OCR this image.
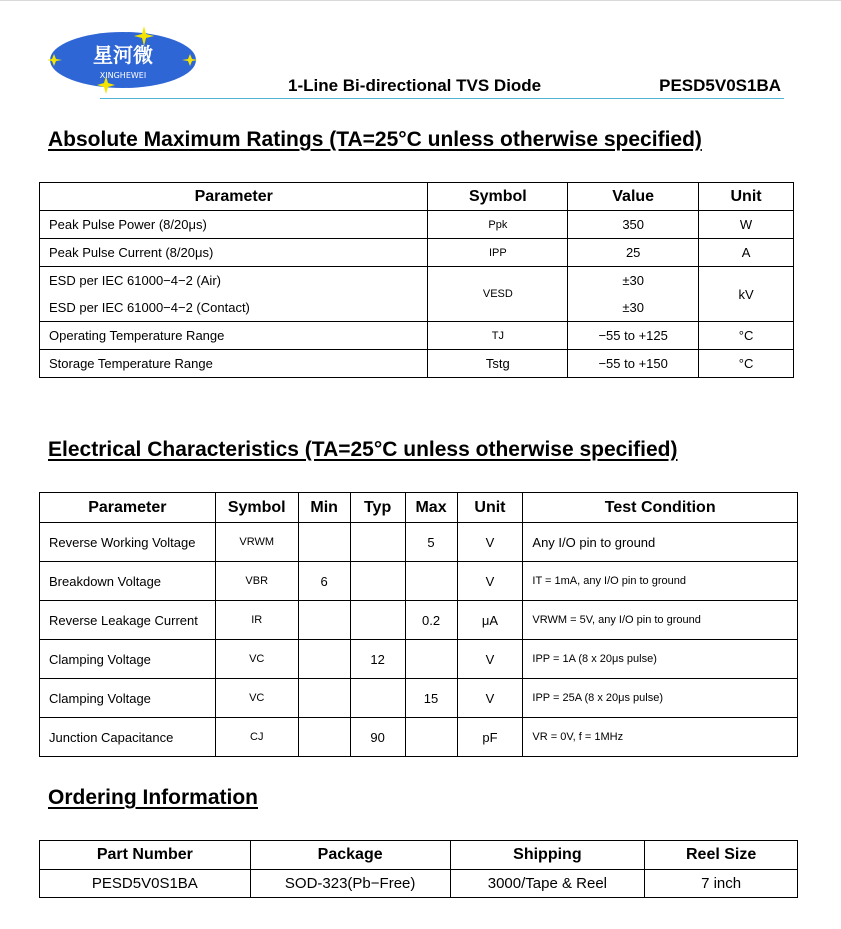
星河微
XINGHEWEI
1-Line Bi-directional TVS Diode	PESD5V0S1BA
Absolute Maximum Ratings (TA=25°C unless otherwise specified)
Parameter	Symbol	Value	Unit
Peak Pulse Power (8/20μs)	Ppk	350	W
Peak Pulse Current (8/20μs)	IPP	25	A
ESD per IEC 61000−4−2 (Air)	VESD	±30	kV
ESD per IEC 61000−4−2 (Contact)		±30	
Operating Temperature Range	TJ	−55 to +125	°C
Storage Temperature Range	Tstg	−55 to +150	°C
Electrical Characteristics (TA=25°C unless otherwise specified)
Parameter	Symbol	Min	Typ	Max	Unit	Test Condition
Reverse Working Voltage	VRWM			5	V	Any I/O pin to ground
Breakdown Voltage	VBR	6			V	IT = 1mA, any I/O pin to ground
Reverse Leakage Current	IR			0.2	μA	VRWM = 5V, any I/O pin to ground
Clamping Voltage	VC		12		V	IPP = 1A (8 x 20μs pulse)
Clamping Voltage	VC			15	V	IPP = 25A (8 x 20μs pulse)
Junction Capacitance	CJ		90		pF	VR = 0V, f = 1MHz
Ordering Information
Part Number	Package	Shipping	Reel Size
PESD5V0S1BA	SOD-323(Pb−Free)	3000/Tape & Reel	7 inch
